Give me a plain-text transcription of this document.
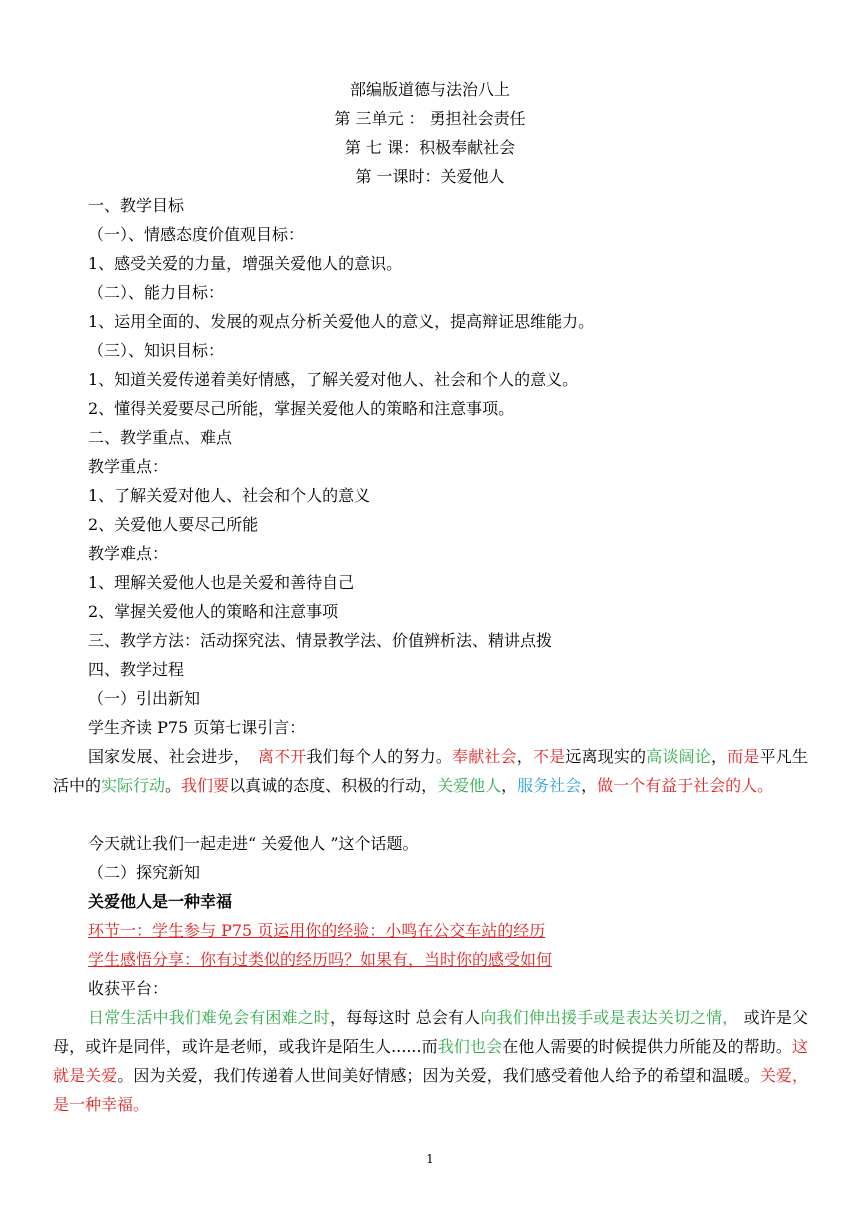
部编版道德与法治八上
第 三单元 ： 勇担社会责任
第 七 课：积极奉献社会
第 一课时：关爱他人
一、教学目标
（一）、情感态度价值观目标：
1、感受关爱的力量，增强关爱他人的意识。
（二）、能力目标：
1、运用全面的、发展的观点分析关爱他人的意义，提高辩证思维能力。
（三）、知识目标：
1、知道关爱传递着美好情感，了解关爱对他人、社会和个人的意义。
2、懂得关爱要尽己所能，掌握关爱他人的策略和注意事项。
二、教学重点、难点
教学重点：
1、了解关爱对他人、社会和个人的意义
2、关爱他人要尽己所能
教学难点：
1、理解关爱他人也是关爱和善待自己
2、掌握关爱他人的策略和注意事项
三、教学方法：活动探究法、情景教学法、价值辨析法、精讲点拨
四、教学过程
（一）引出新知
学生齐读 P75 页第七课引言：
国家发展、社会进步， 离不开我们每个人的努力。奉献社会，不是远离现实的高谈阔论，而是平凡生活中的实际行动。我们要以真诚的态度、积极的行动，关爱他人，服务社会，做一个有益于社会的人。
今天就让我们一起走进“ 关爱他人 ”这个话题。
（二）探究新知
关爱他人是一种幸福
环节一：学生参与 P75 页运用你的经验：小鸣在公交车站的经历
学生感悟分享：你有过类似的经历吗？如果有，当时你的感受如何
收获平台：
日常生活中我们难免会有困难之时，每每这时 总会有人向我们伸出援手或是表达关切之情， 或许是父母，或许是同伴，或许是老师，或我许是陌生人......而我们也会在他人需要的时候提供力所能及的帮助。这就是关爱。因为关爱，我们传递着人世间美好情感；因为关爱，我们感受着他人给予的希望和温暖。关爱，是一种幸福。
1
